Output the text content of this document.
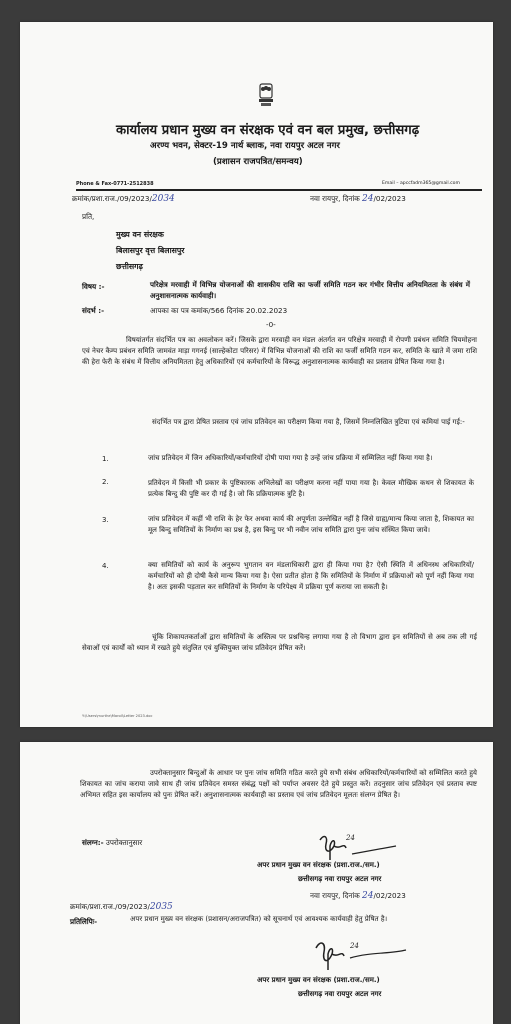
कार्यालय प्रधान मुख्य वन संरक्षक एवं वन बल प्रमुख, छत्तीसगढ़
अरण्य भवन, सेक्टर-19 नार्थ ब्लाक, नवा रायपुर अटल नगर
(प्रशासन राजपत्रित/समन्वय)
Phone & Fax-0771-2512838	Email – apccfadm365@gmail.com
क्रमांक/प्रशा.राज./09/2023/2034	नवा रायपुर, दिनांक 24/02/2023
प्रति,
मुख्य वन संरक्षक
बिलासपुर वृत्त बिलासपुर
छत्तीसगढ़
विषय :-	परिक्षेत्र मरवाही में विभिन्न योजनाओं की शासकीय राशि का फर्जी समिति गठन कर गंभीर वित्तीय अनियमितता के संबंध में अनुशासनात्मक कार्यवाही।
संदर्भ :-	आपका का पत्र कमांक/566 दिनांक 20.02.2023
-0-
विषयांतर्गत संदर्भित पत्र का अवलोकन करें। जिसके द्वारा मरवाही वन मंडल अंतर्गत वन परिक्षेत्र मरवाही में रोपणी प्रबंधन समिति चियमोहना एवं नेचर कैम्प प्रबंधन समिति जामवंत माड़ा गगनई (साल्हेकोटा परिसर) में विभिन्न योजनाओं की राशि का फर्जी समिति गठन कर, समिति के खाते में जमा राशि की हेरा फेरी के संबंध में वित्तीय अनियमितता हेतु अधिकारियों एवं कर्मचारियों के विरूद्ध अनुशासनात्मक कार्यवाही का प्रस्ताव प्रेषित किया गया है।
संदर्भित पत्र द्वारा प्रेषित प्रस्ताव एवं जांच प्रतिवेदन का परीक्षण किया गया है, जिसमें निम्नलिखित त्रुटिया एवं कमियां पाई गई:-
1.	जांच प्रतिवेदन में जिन अधिकारियों/कर्मचारियों दोषी पाया गया है उन्हें जांच प्रक्रिया में सम्मिलित नहीं किया गया है।
2.	प्रतिवेदन में किसी भी प्रकार के पुष्टिकारक अभिलेखों का परीक्षण करना नहीं पाया गया है। केवल मौखिक कथन से शिकायत के प्रत्येक बिन्दु की पुष्टि कर दी गई है। जो कि प्रक्रियात्मक त्रुटि है।
3.	जांच प्रतिवेदन में कहीं भी राशि के हेर फेर अथवा कार्य की अपूर्णता उल्लेखित नहीं है जिसे ग्राह्य/मान्य किया जाता है, शिकायत का मूल बिन्दु समितियों के निर्माण का प्रश्न है, इस बिन्दु पर भी नवीन जांच समिति द्वारा पुनः जांच संस्थित किया जावे।
4.	क्या समितियों को कार्य के अनुरूप भुगतान वन मंडलाधिकारी द्वारा ही किया गया है? ऐसी स्थिति में अधिनस्थ अधिकारियों/कर्मचारियों को ही दोषी कैसे मान्य किया गया है। ऐसा प्रतीत होता है कि समितियों के निर्माण में प्रक्रियाओं को पूर्ण नहीं किया गया है। अतः इसकी पड़ताल कर समितियों के निर्माण के परिपेक्ष्य में प्रक्रिया पूर्ण कराया जा सकती है।
चूंकि शिकायतकर्ताओं द्वारा समितियों के अस्तित्व पर प्रश्नचिन्ह लगाया गया है तो विभाग द्वारा इन समितियों से अब तक ली गई सेवाओं एवं कार्यों को ध्यान में रखते हुये संतुलित एवं युक्तियुक्त जांच प्रतिवेदन प्रेषित करें।
Y:\Users\murthe\Maroli\Letter 2023.doc
उपरोक्तानुसार बिन्दुओं के आधार पर पुनः जांच समिति गठित करते हुये सभी संबंध अधिकारियों/कर्मचारियों को सम्मिलित करते हुये शिकायत का जांच कराया जावे साथ ही जांच प्रतिवेदन समस्त संबंद्ध पक्षों को पर्याप्त अवसर देते हुये प्रस्तुत करें। तदनुसार जांच प्रतिवेदन एवं प्रस्ताव स्पष्ट अभिमत सहित इस कार्यालय को पुनः प्रेषित करें। अनुशासनात्मक कार्यवाही का प्रस्ताव एवं जांच प्रतिवेदन मूलतः संलग्न प्रेषित है।
संलग्न:- उपरोक्तानुसार	24
अपर प्रधान मुख्य वन संरक्षक (प्रशा.राज./सम.)
छत्तीसगढ़ नवा रायपुर अटल नगर
क्रमांक/प्रशा.राज./09/2023/2035
नवा रायपुर, दिनांक 24/02/2023
प्रतिलिपिः-	अपर प्रधान मुख्य वन संरक्षक (प्रशासन/अराजपत्रित) को सूचनार्थ एवं आवश्यक कार्यवाही हेतु प्रेषित है।
24
अपर प्रधान मुख्य वन संरक्षक (प्रशा.राज./सम.)
छत्तीसगढ़ नवा रायपुर अटल नगर
